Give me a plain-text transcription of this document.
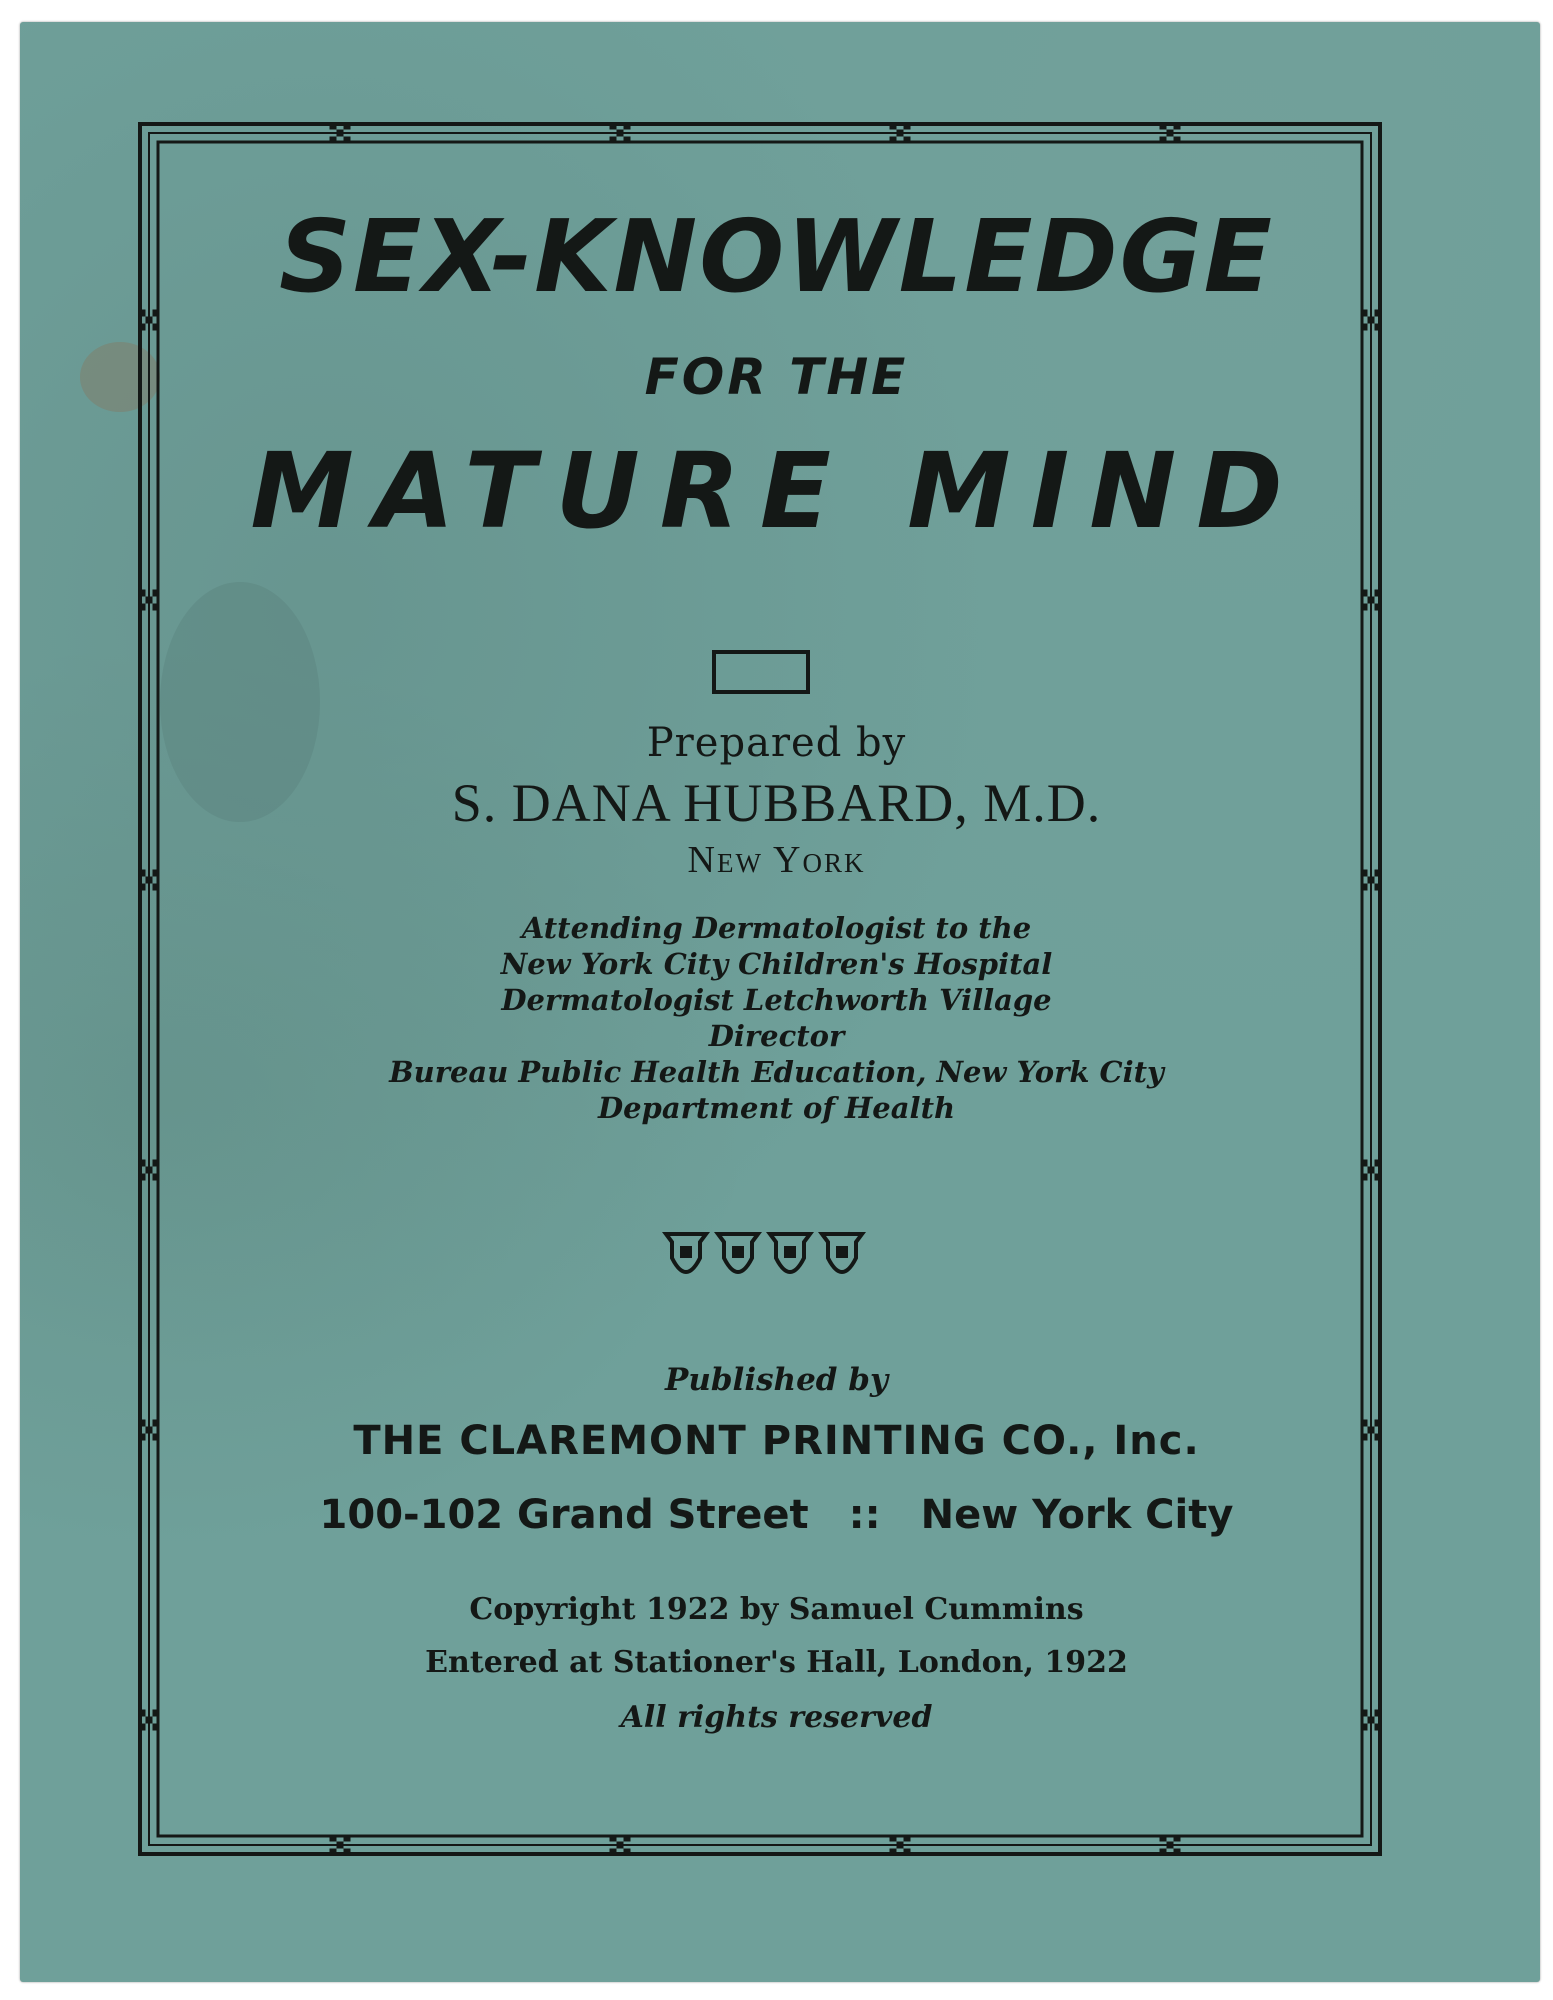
SEX-KNOWLEDGE
FOR THE
MATURE MIND
Prepared by
S. DANA HUBBARD, M.D.
New York
Attending Dermatologist to the
New York City Children's Hospital
Dermatologist Letchworth Village
Director
Bureau Public Health Education, New York City
Department of Health
Published by
THE CLAREMONT PRINTING CO., Inc.
100-102 Grand Street :: New York City
Copyright 1922 by Samuel Cummins
Entered at Stationer's Hall, London, 1922
All rights reserved
